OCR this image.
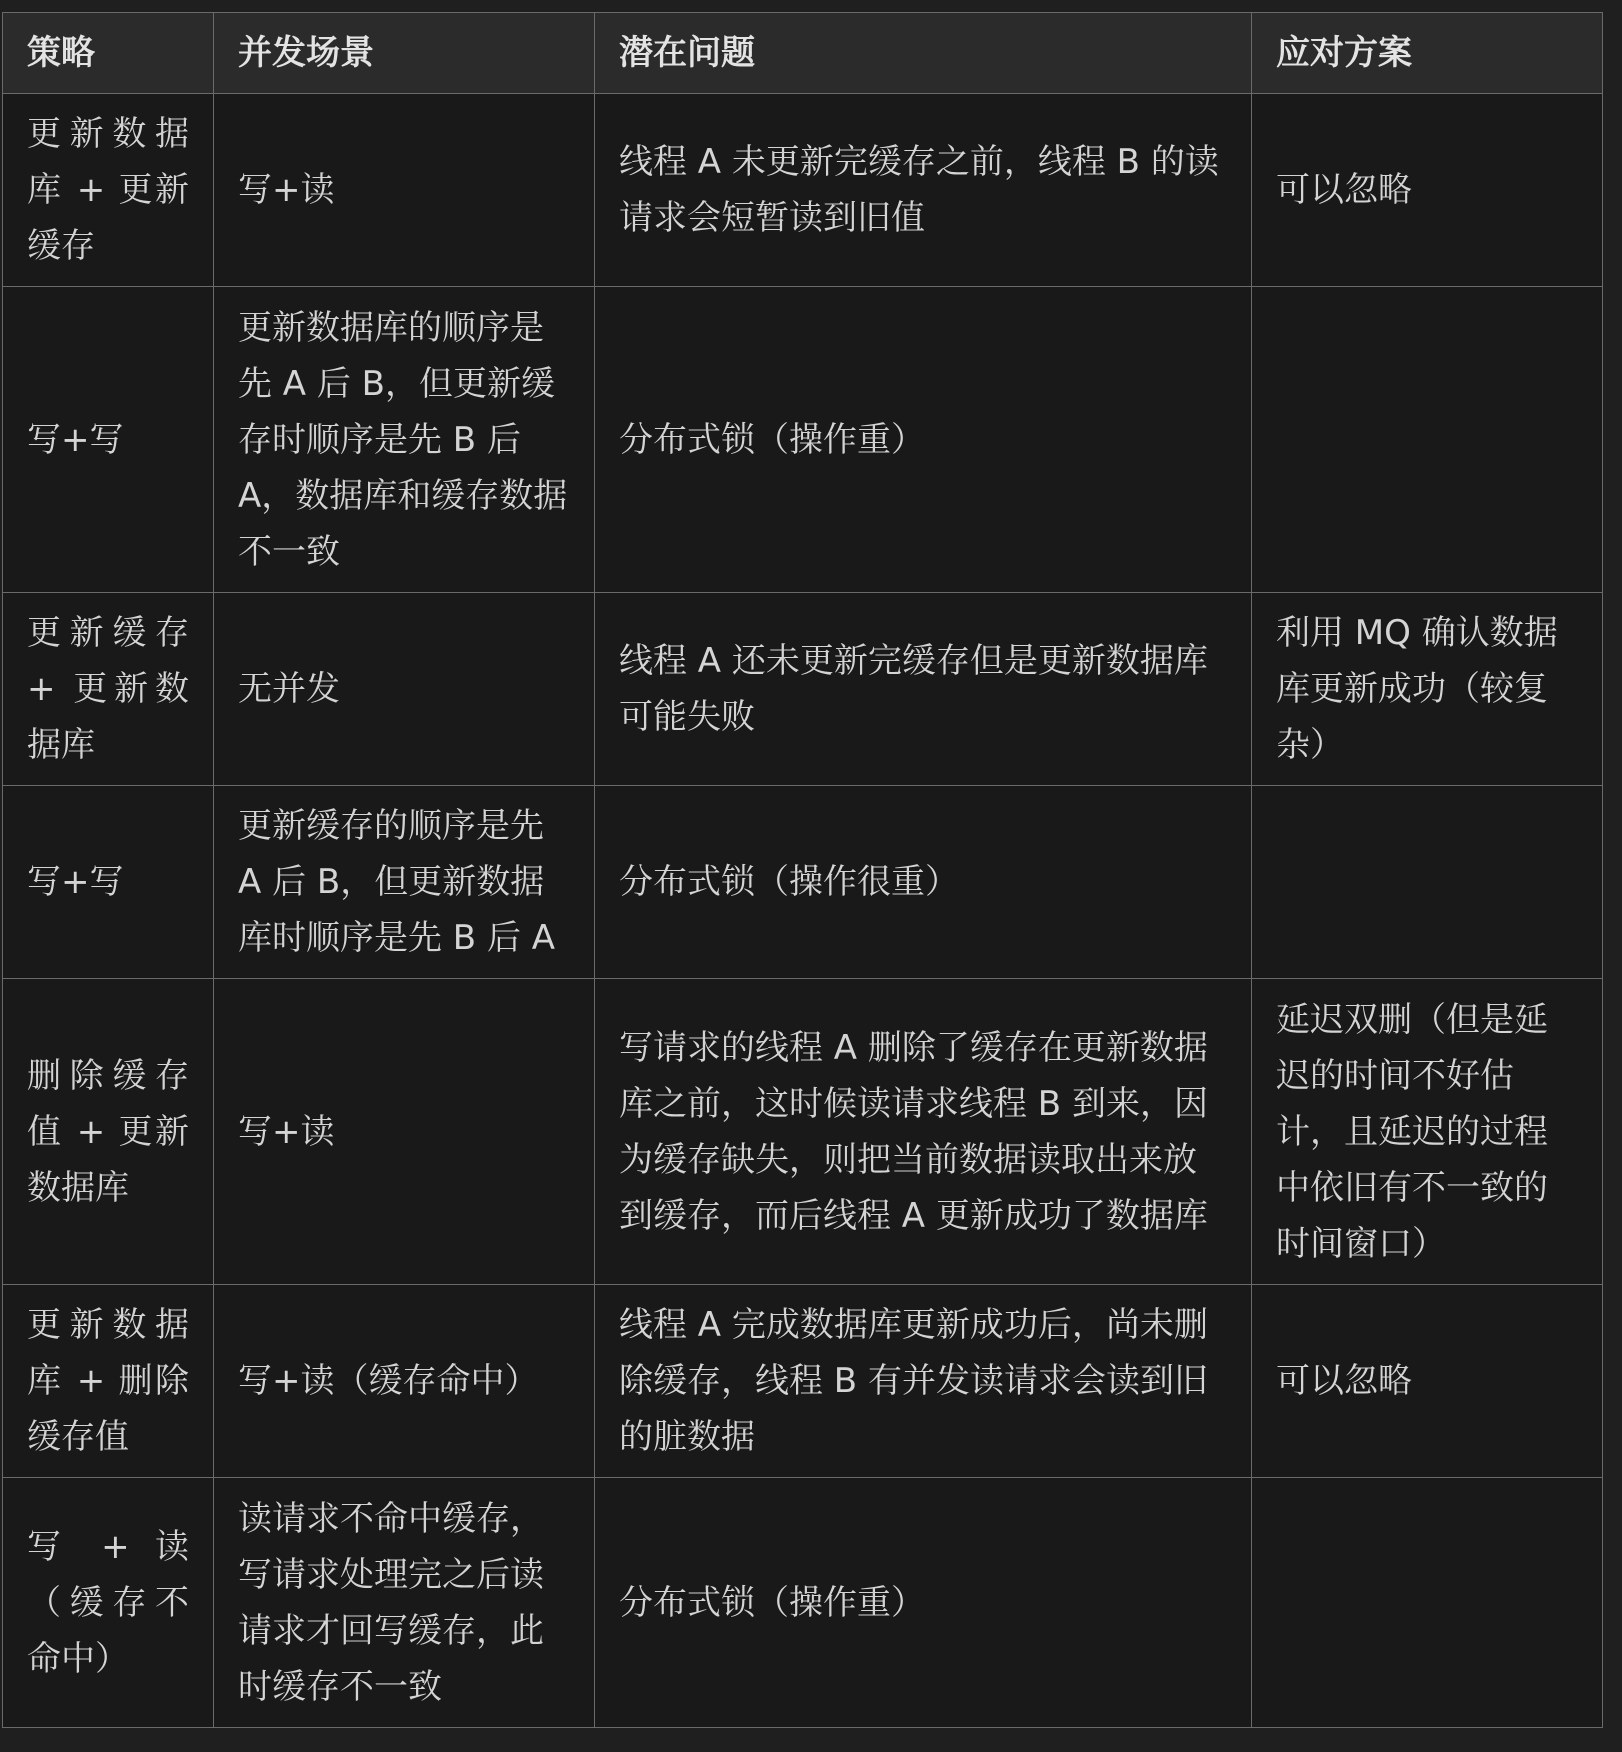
策略	并发场景	潜在问题	应对方案
更新数据库 + 更新缓存	写+读	线程 A 未更新完缓存之前，线程 B 的读请求会短暂读到旧值	可以忽略
写+写	更新数据库的顺序是先 A 后 B，但更新缓存时顺序是先 B 后 A，数据库和缓存数据不一致	分布式锁（操作重）	
更新缓存 + 更新数据库	无并发	线程 A 还未更新完缓存但是更新数据库可能失败	利用 MQ 确认数据库更新成功（较复杂）
写+写	更新缓存的顺序是先 A 后 B，但更新数据库时顺序是先 B 后 A	分布式锁（操作很重）	
删除缓存值 + 更新数据库	写+读	写请求的线程 A 删除了缓存在更新数据库之前，这时候读请求线程 B 到来，因为缓存缺失，则把当前数据读取出来放到缓存，而后线程 A 更新成功了数据库	延迟双删（但是延迟的时间不好估计，且延迟的过程中依旧有不一致的时间窗口）
更新数据库 + 删除缓存值	写+读（缓存命中）	线程 A 完成数据库更新成功后，尚未删除缓存，线程 B 有并发读请求会读到旧的脏数据	可以忽略
写 + 读（缓存不命中）	读请求不命中缓存，写请求处理完之后读请求才回写缓存，此时缓存不一致	分布式锁（操作重）	
